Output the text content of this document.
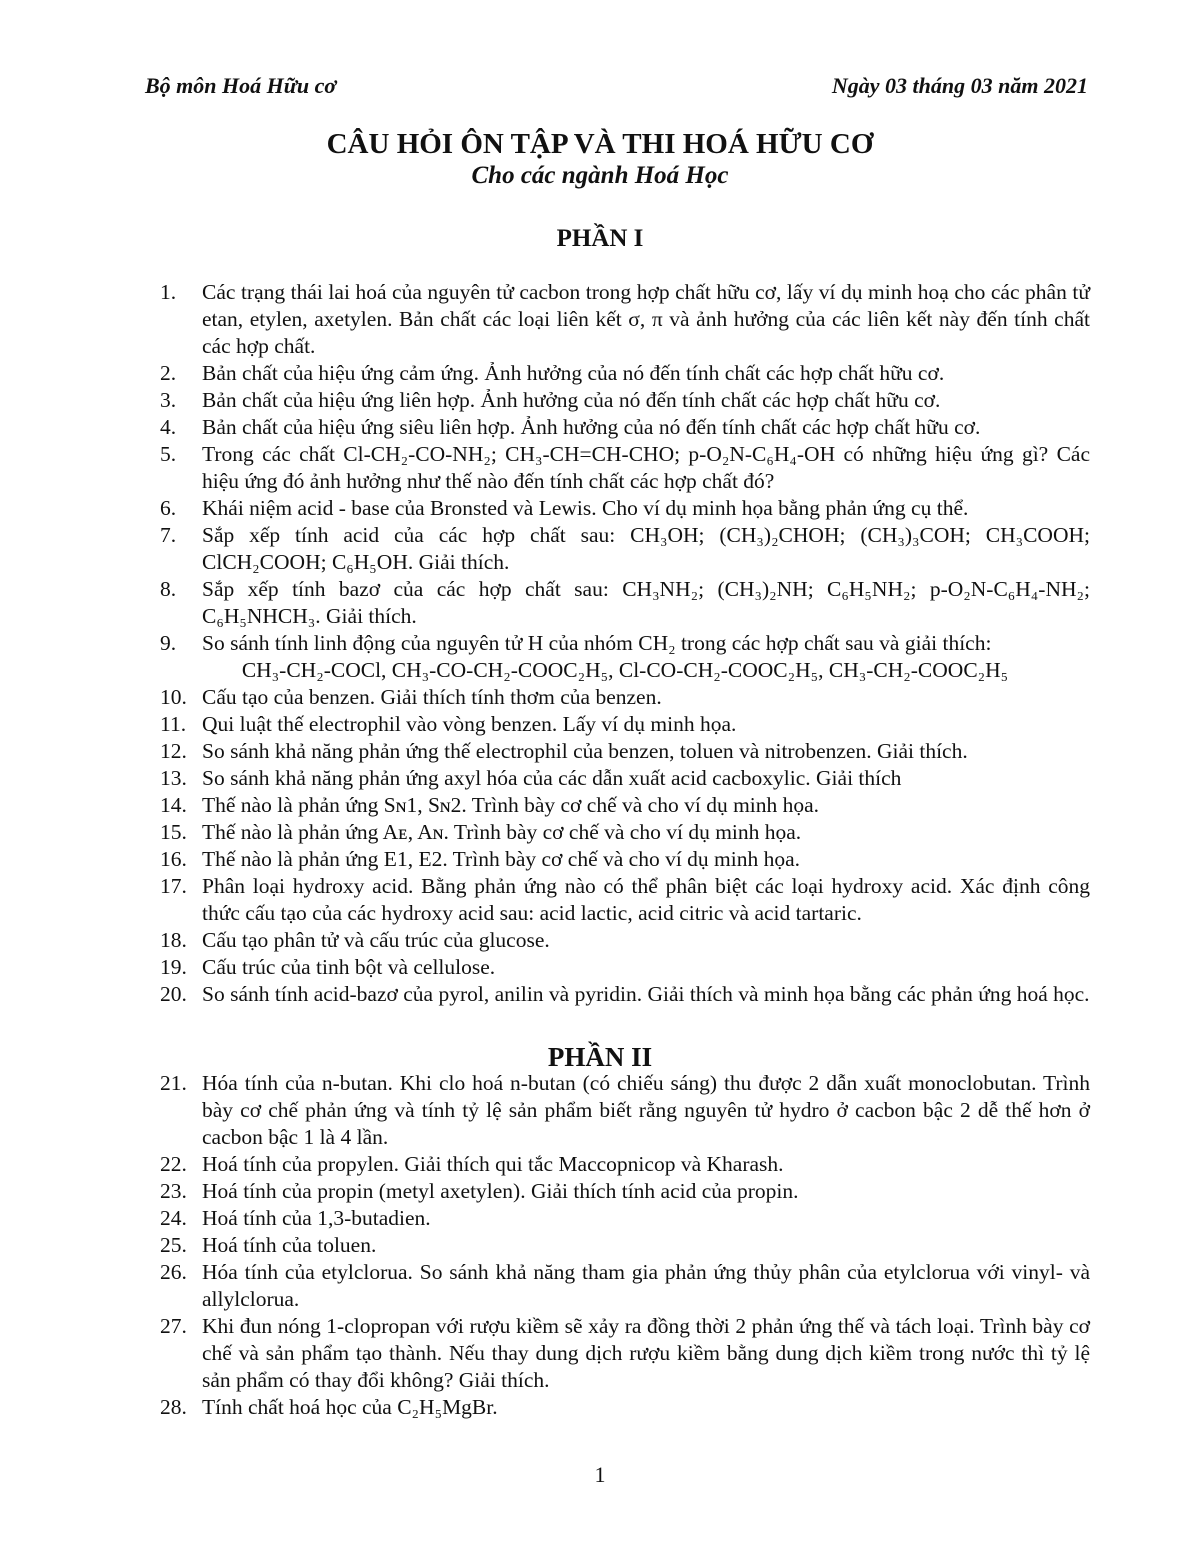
Bộ môn Hoá Hữu cơ	Ngày 03 tháng 03 năm 2021
CÂU HỎI ÔN TẬP VÀ THI HOÁ HỮU CƠ
Cho các ngành Hoá Học
PHẦN I
1.	Các trạng thái lai hoá của nguyên tử cacbon trong hợp chất hữu cơ, lấy ví dụ minh hoạ cho các phân tử etan, etylen, axetylen. Bản chất các loại liên kết σ, π và ảnh hưởng của các liên kết này đến tính chất các hợp chất.
2.	Bản chất của hiệu ứng cảm ứng. Ảnh hưởng của nó đến tính chất các hợp chất hữu cơ.
3.	Bản chất của hiệu ứng liên hợp. Ảnh hưởng của nó đến tính chất các hợp chất hữu cơ.
4.	Bản chất của hiệu ứng siêu liên hợp. Ảnh hưởng của nó đến tính chất các hợp chất hữu cơ.
5.	Trong các chất Cl-CH₂-CO-NH₂; CH₃-CH=CH-CHO; p-O₂N-C₆H₄-OH có những hiệu ứng gì? Các hiệu ứng đó ảnh hưởng như thế nào đến tính chất các hợp chất đó?
6.	Khái niệm acid - base của Bronsted và Lewis. Cho ví dụ minh họa bằng phản ứng cụ thể.
7.	Sắp xếp tính acid của các hợp chất sau: CH₃OH; (CH₃)₂CHOH; (CH₃)₃COH; CH₃COOH; ClCH₂COOH; C₆H₅OH. Giải thích.
8.	Sắp xếp tính bazơ của các hợp chất sau: CH₃NH₂; (CH₃)₂NH; C₆H₅NH₂; p-O₂N-C₆H₄-NH₂; C₆H₅NHCH₃. Giải thích.
9.	So sánh tính linh động của nguyên tử H của nhóm CH₂ trong các hợp chất sau và giải thích:
CH₃-CH₂-COCl, CH₃-CO-CH₂-COOC₂H₅, Cl-CO-CH₂-COOC₂H₅, CH₃-CH₂-COOC₂H₅
10. Cấu tạo của benzen. Giải thích tính thơm của benzen.
11. Qui luật thế electrophil vào vòng benzen. Lấy ví dụ minh họa.
12. So sánh khả năng phản ứng thế electrophil của benzen, toluen và nitrobenzen. Giải thích.
13. So sánh khả năng phản ứng axyl hóa của các dẫn xuất acid cacboxylic. Giải thích
14. Thế nào là phản ứng Sɴ1, Sɴ2. Trình bày cơ chế và cho ví dụ minh họa.
15. Thế nào là phản ứng Aᴇ, Aɴ. Trình bày cơ chế và cho ví dụ minh họa.
16. Thế nào là phản ứng E1, E2. Trình bày cơ chế và cho ví dụ minh họa.
17. Phân loại hydroxy acid. Bằng phản ứng nào có thể phân biệt các loại hydroxy acid. Xác định công thức cấu tạo của các hydroxy acid sau: acid lactic, acid citric và acid tartaric.
18. Cấu tạo phân tử và cấu trúc của glucose.
19. Cấu trúc của tinh bột và cellulose.
20. So sánh tính acid-bazơ của pyrol, anilin và pyridin. Giải thích và minh họa bằng các phản ứng hoá học.
PHẦN II
21. Hóa tính của n-butan. Khi clo hoá n-butan (có chiếu sáng) thu được 2 dẫn xuất monoclobutan. Trình bày cơ chế phản ứng và tính tỷ lệ sản phẩm biết rằng nguyên tử hydro ở cacbon bậc 2 dễ thế hơn ở cacbon bậc 1 là 4 lần.
22. Hoá tính của propylen. Giải thích qui tắc Maccopnicop và Kharash.
23. Hoá tính của propin (metyl axetylen). Giải thích tính acid của propin.
24. Hoá tính của 1,3-butadien.
25. Hoá tính của toluen.
26. Hóa tính của etylclorua. So sánh khả năng tham gia phản ứng thủy phân của etylclorua với vinyl- và allylclorua.
27. Khi đun nóng 1-clopropan với rượu kiềm sẽ xảy ra đồng thời 2 phản ứng thế và tách loại. Trình bày cơ chế và sản phẩm tạo thành. Nếu thay dung dịch rượu kiềm bằng dung dịch kiềm trong nước thì tỷ lệ sản phẩm có thay đổi không? Giải thích.
28. Tính chất hoá học của C₂H₅MgBr.
1
